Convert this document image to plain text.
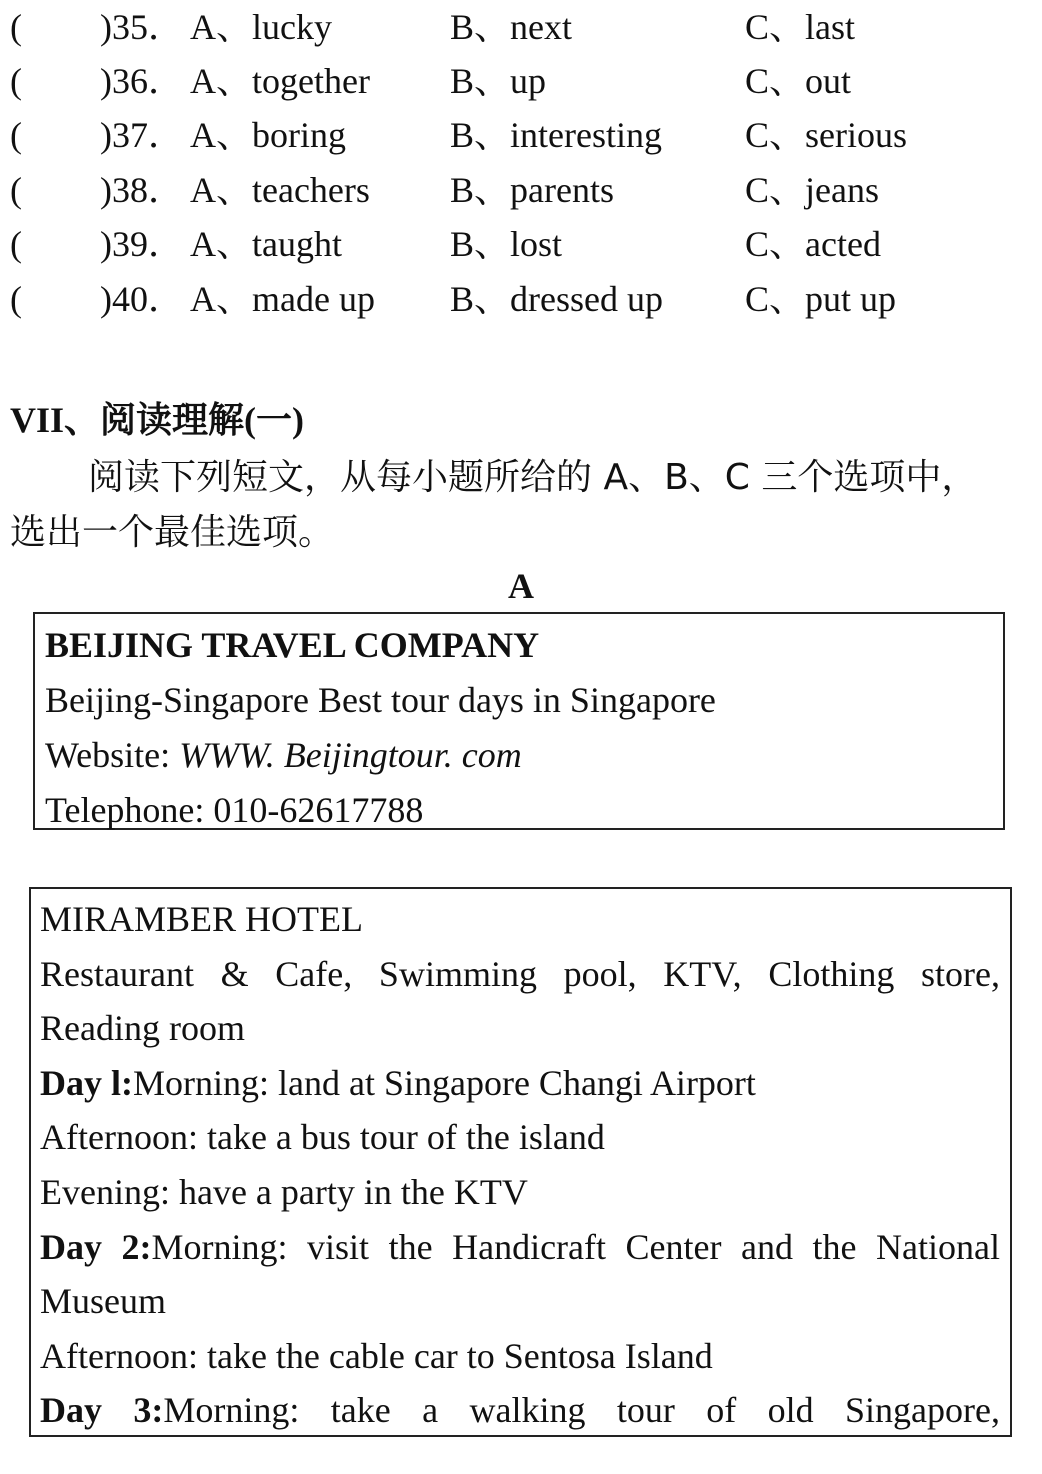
( )35． A、lucky	B、next	C、last
( )36． A、together B、up	C、out
( )37． A、boring	B、interesting C、serious
( )38． A、teachers B、parents	C、jeans
( )39． A、taught	B、lost	C、acted
( )40． A、made up B、dressed up C、put up
VII、阅读理解(一)
阅读下列短文，从每小题所给的 A、B、C 三个选项中，选出一个最佳选项。
A
BEIJING TRAVEL COMPANY
Beijing-Singapore Best tour days in Singapore
Website: WWW. Beijingtour. com
Telephone: 010-62617788
MIRAMBER HOTEL
Restaurant & Cafe, Swimming pool, KTV, Clothing store, Reading room
Day l:Morning: land at Singapore Changi Airport
Afternoon: take a bus tour of the island
Evening: have a party in the KTV
Day 2:Morning: visit the Handicraft Center and the National Museum
Afternoon: take the cable car to Sentosa Island
Day 3:Morning: take a walking tour of old Singapore,
